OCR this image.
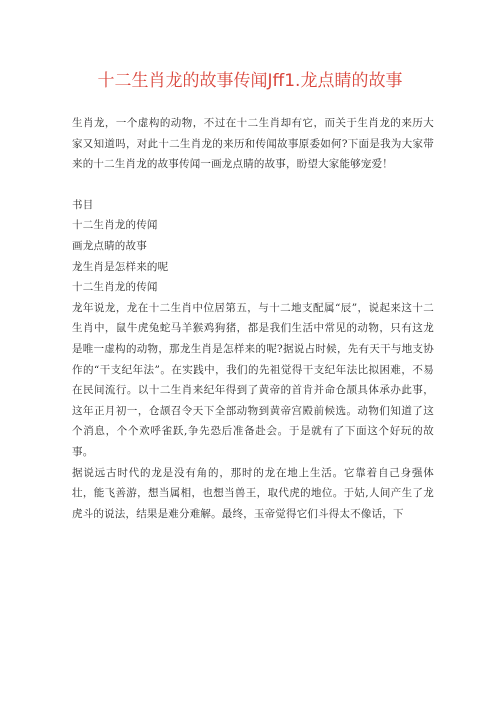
十二生肖龙的故事传闻Jff1.龙点睛的故事

生肖龙，一个虚构的动物，不过在十二生肖却有它，而关于生肖龙的来历大家又知道吗，对此十二生肖龙的来历和传闻故事原委如何?下面是我为大家带来的十二生肖龙的故事传闻一画龙点睛的故事，盼望大家能够宠爱！

书目

十二生肖龙的传闻

画龙点睛的故事

龙生肖是怎样来的呢

十二生肖龙的传闻

龙年说龙，龙在十二生肖中位居第五，与十二地支配属“辰”，说起来这十二生肖中，鼠牛虎兔蛇马羊猴鸡狗猪，都是我们生活中常见的动物，只有这龙是唯一虚构的动物，那龙生肖是怎样来的呢?据说占时候，先有天干与地支协作的“干支纪年法”。在实践中，我们的先祖觉得干支纪年法比拟困难，不易在民间流行。以十二生肖来纪年得到了黄帝的首肯并命仓颉具体承办此事，这年正月初一，仓颉召令天下全部动物到黄帝宫殿前候选。动物们知道了这个消息，个个欢呼雀跃,争先恐后准备赴会。于是就有了下面这个好玩的故事。

据说远古时代的龙是没有角的，那时的龙在地上生活。它靠着自己身强体壮，能飞善游，想当属相，也想当兽王，取代虎的地位。于姑,人间产生了龙虎斗的说法，结果是难分难解。最终，玉帝觉得它们斗得太不像话，下
